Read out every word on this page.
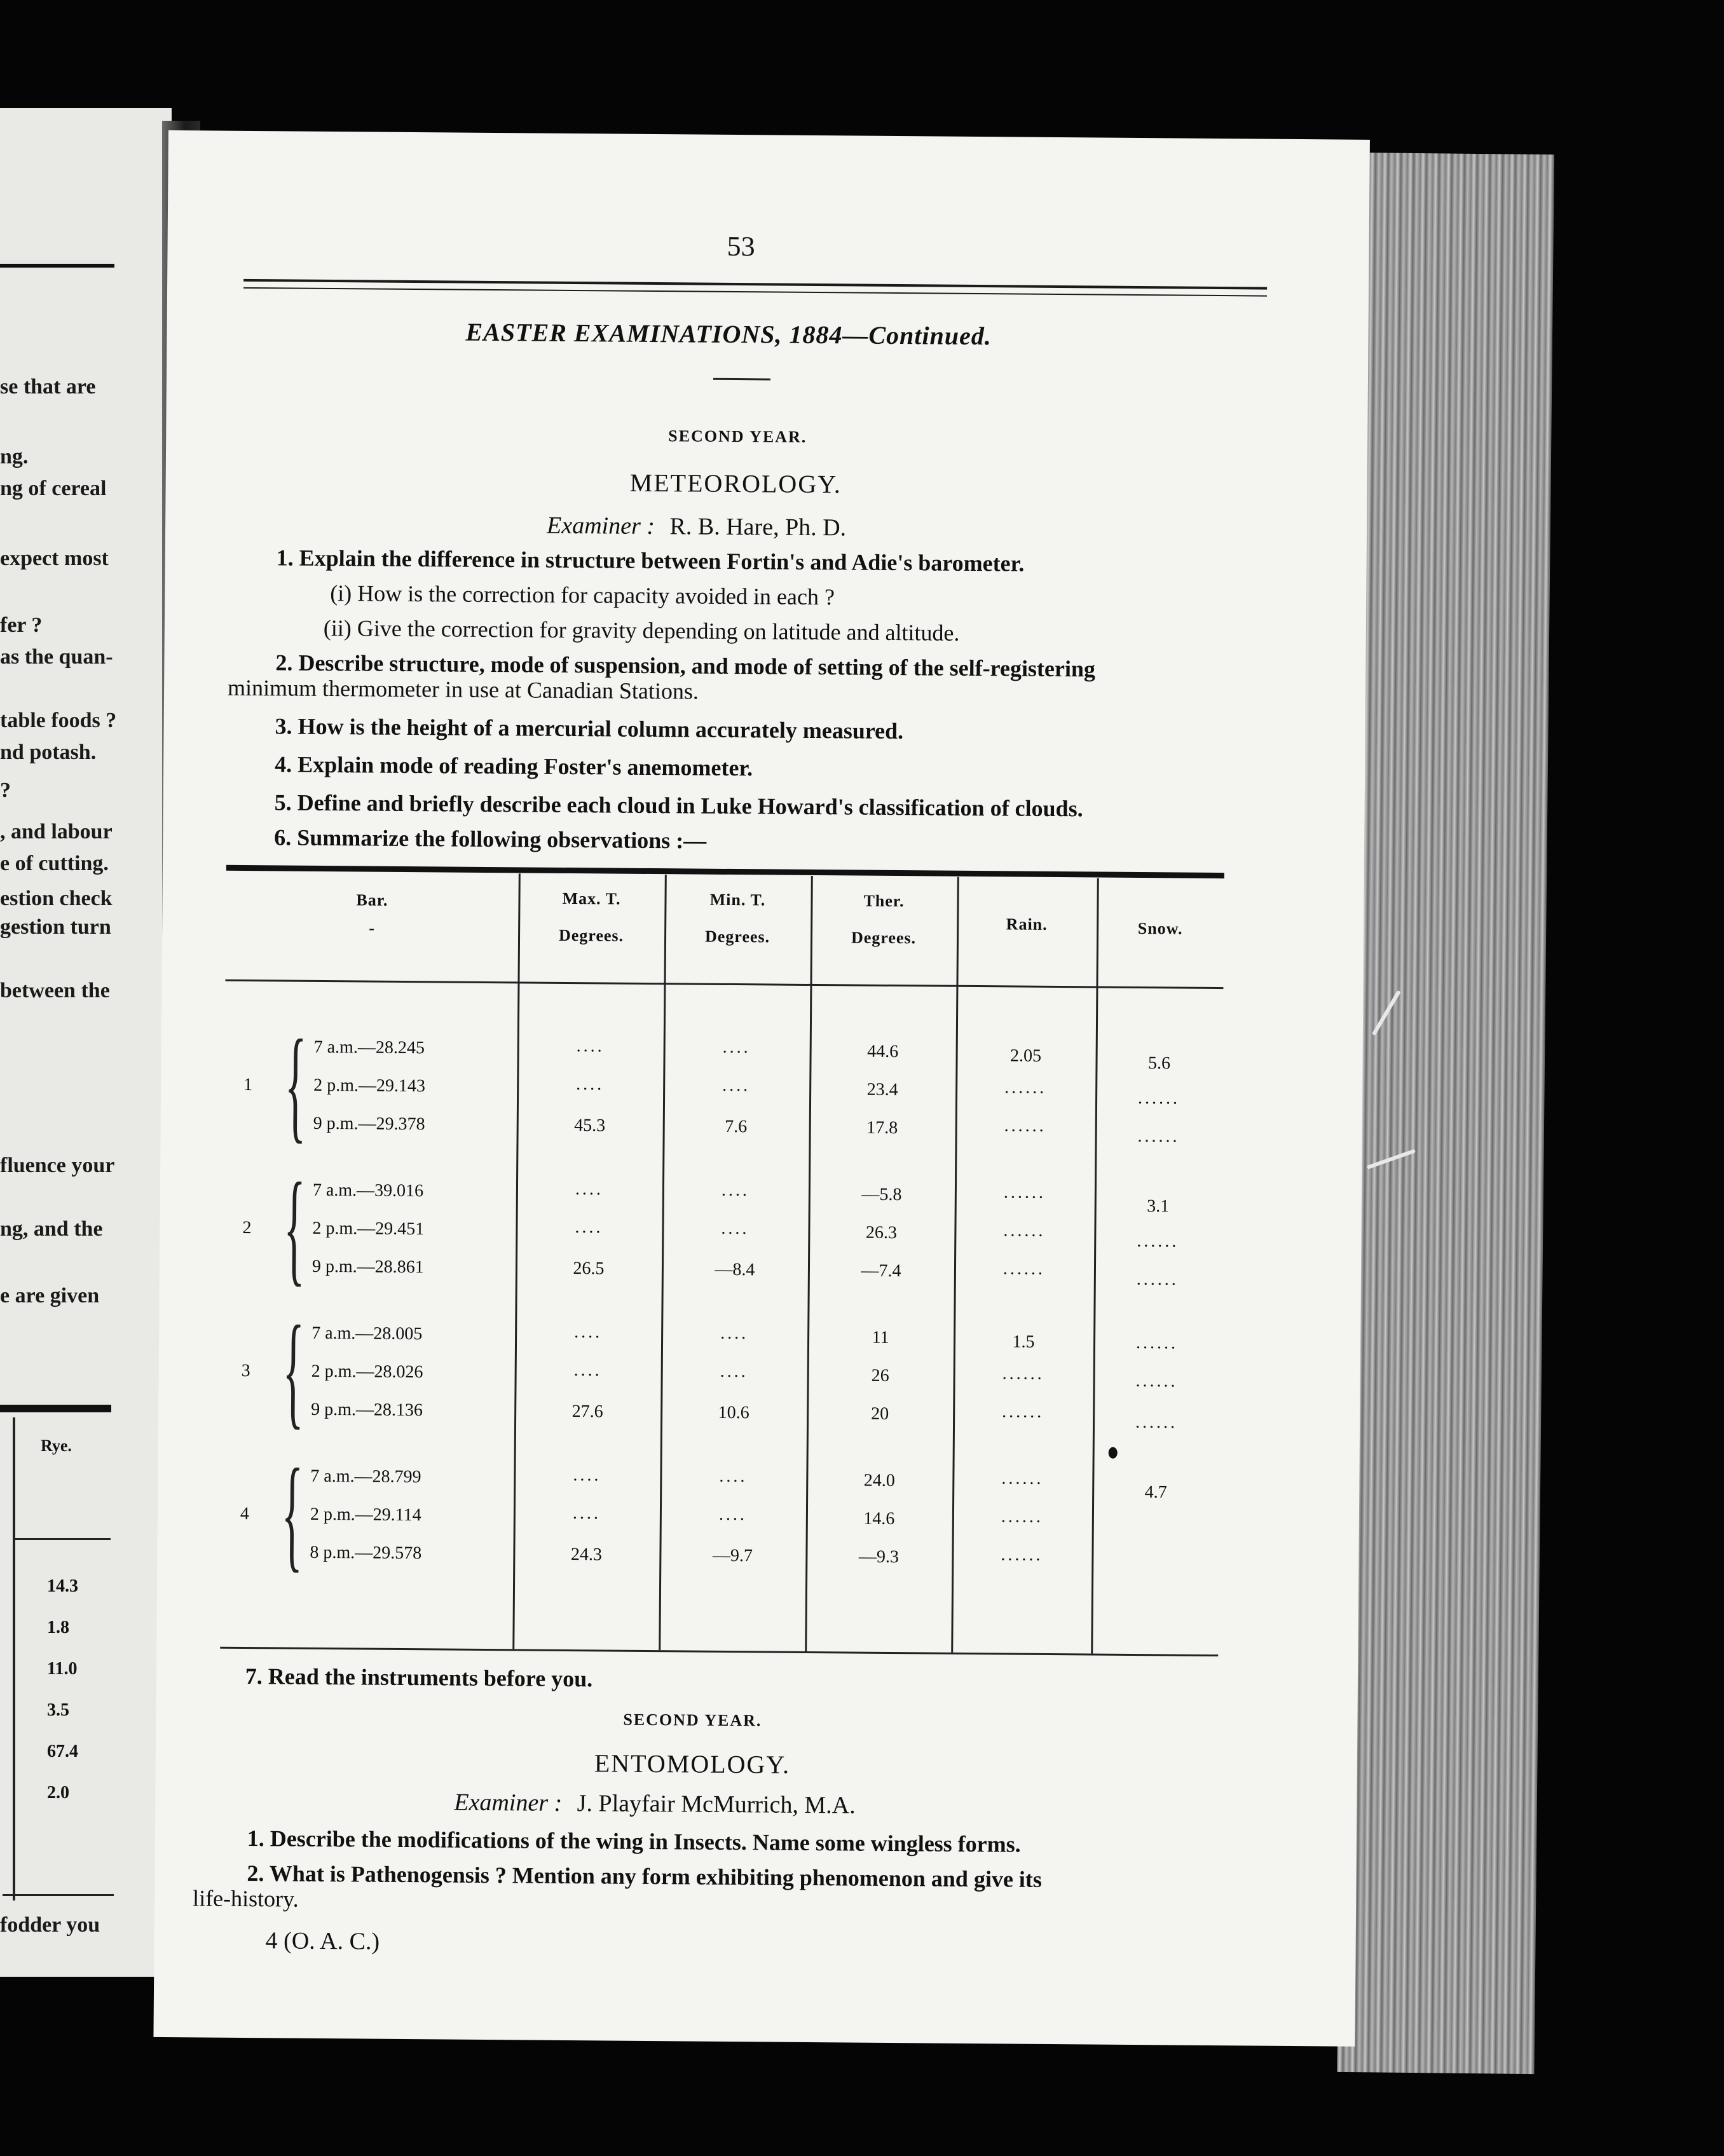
se that are
ng.
ng of cereal
expect most
fer ?
as the quan-
table foods ?
nd potash.
?
, and labour
e of cutting.
estion check
gestion turn
between the
fluence your
ng, and the
e are given
Rye.
14.3
1.8
11.0
3.5
67.4
2.0
fodder you
53
EASTER EXAMINATIONS, 1884—Continued.
SECOND YEAR.
METEOROLOGY.
Examiner : R. B. Hare, Ph. D.
1. Explain the difference in structure between Fortin's and Adie's barometer.
(i) How is the correction for capacity avoided in each ?
(ii) Give the correction for gravity depending on latitude and altitude.
2. Describe structure, mode of suspension, and mode of setting of the self-registering
minimum thermometer in use at Canadian Stations.
3. How is the height of a mercurial column accurately measured.
4. Explain mode of reading Foster's anemometer.
5. Define and briefly describe each cloud in Luke Howard's classification of clouds.
6. Summarize the following observations :—
Bar.
-
Max. T.
Degrees.
Min. T.
Degrees.
Ther.
Degrees.
Rain.	Snow.
1 { 7 a.m.—28.245
2 p.m.—29.143
9 p.m.—29.378
....
....
45.3
....
....
7.6
44.6
23.4
17.8
2.05
......
......
5.6
......
......
2 { 7 a.m.—39.016
2 p.m.—29.451
9 p.m.—28.861
....
....
26.5
....
....
—8.4
—5.8
26.3
—7.4
......
......
......
3.1
......
......
3 { 7 a.m.—28.005
2 p.m.—28.026
9 p.m.—28.136
....
....
27.6
....
....
10.6
11
26
20
1.5
......
......
......
......
......
4 { 7 a.m.—28.799
2 p.m.—29.114
8 p.m.—29.578
....
....
24.3
....
....
—9.7
24.0
14.6
—9.3
......
......
......
4.7
7. Read the instruments before you.
SECOND YEAR.
ENTOMOLOGY.
Examiner : J. Playfair McMurrich, M.A.
1. Describe the modifications of the wing in Insects. Name some wingless forms.
2. What is Pathenogensis ? Mention any form exhibiting phenomenon and give its
life-history.
4 (O. A. C.)
